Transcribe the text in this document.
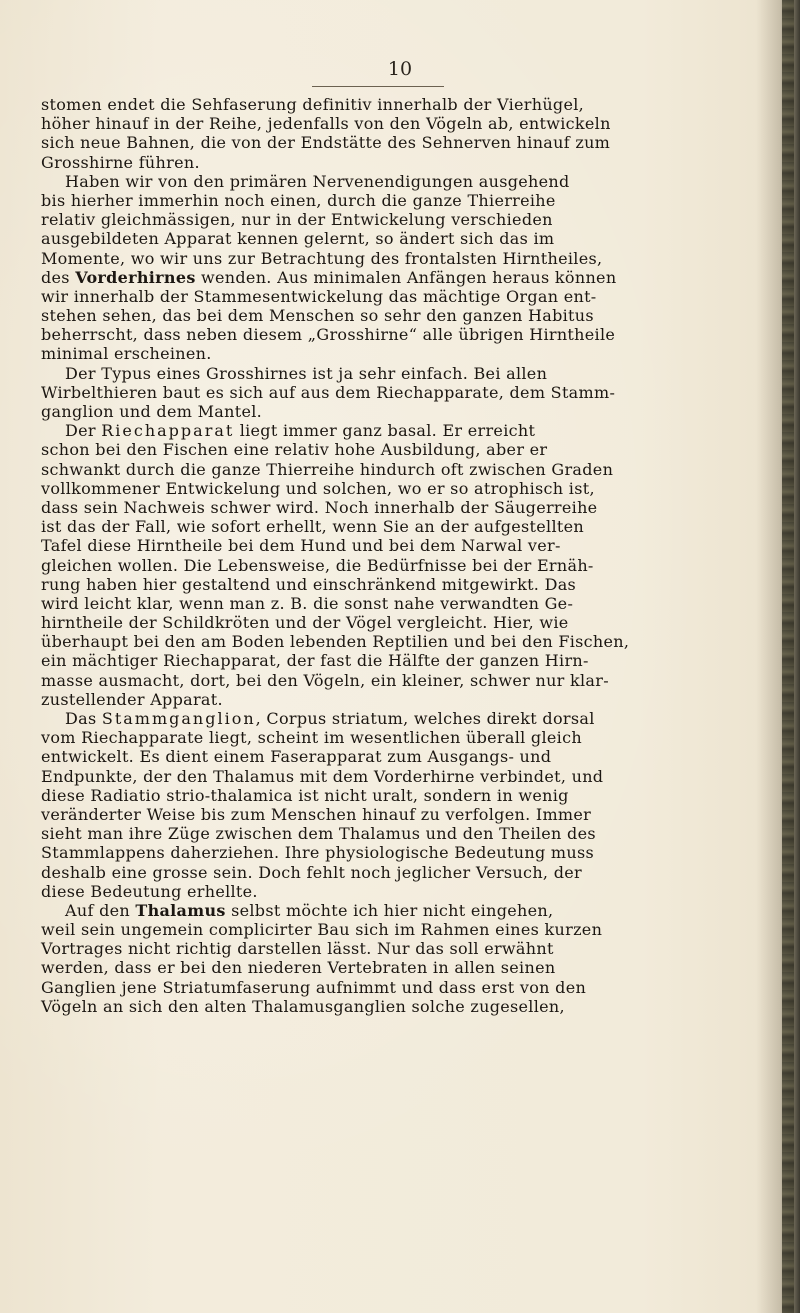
10
stomen endet die Sehfaserung definitiv innerhalb der Vierhügel,
höher hinauf in der Reihe, jedenfalls von den Vögeln ab, entwickeln
sich neue Bahnen, die von der Endstätte des Sehnerven hinauf zum
Grosshirne führen.
Haben wir von den primären Nervenendigungen ausgehend
bis hierher immerhin noch einen, durch die ganze Thierreihe
relativ gleichmässigen, nur in der Entwickelung verschieden
ausgebildeten Apparat kennen gelernt, so ändert sich das im
Momente, wo wir uns zur Betrachtung des frontalsten Hirntheiles,
des Vorderhirnes wenden. Aus minimalen Anfängen heraus können
wir innerhalb der Stammesentwickelung das mächtige Organ ent-
stehen sehen, das bei dem Menschen so sehr den ganzen Habitus
beherrscht, dass neben diesem „Grosshirne“ alle übrigen Hirntheile
minimal erscheinen.
Der Typus eines Grosshirnes ist ja sehr einfach. Bei allen
Wirbelthieren baut es sich auf aus dem Riechapparate, dem Stamm-
ganglion und dem Mantel.
Der Riechapparat liegt immer ganz basal. Er erreicht
schon bei den Fischen eine relativ hohe Ausbildung, aber er
schwankt durch die ganze Thierreihe hindurch oft zwischen Graden
vollkommener Entwickelung und solchen, wo er so atrophisch ist,
dass sein Nachweis schwer wird. Noch innerhalb der Säugerreihe
ist das der Fall, wie sofort erhellt, wenn Sie an der aufgestellten
Tafel diese Hirntheile bei dem Hund und bei dem Narwal ver-
gleichen wollen. Die Lebensweise, die Bedürfnisse bei der Ernäh-
rung haben hier gestaltend und einschränkend mitgewirkt. Das
wird leicht klar, wenn man z. B. die sonst nahe verwandten Ge-
hirntheile der Schildkröten und der Vögel vergleicht. Hier, wie
überhaupt bei den am Boden lebenden Reptilien und bei den Fischen,
ein mächtiger Riechapparat, der fast die Hälfte der ganzen Hirn-
masse ausmacht, dort, bei den Vögeln, ein kleiner, schwer nur klar-
zustellender Apparat.
Das Stammganglion, Corpus striatum, welches direkt dorsal
vom Riechapparate liegt, scheint im wesentlichen überall gleich
entwickelt. Es dient einem Faserapparat zum Ausgangs- und
Endpunkte, der den Thalamus mit dem Vorderhirne verbindet, und
diese Radiatio strio-thalamica ist nicht uralt, sondern in wenig
veränderter Weise bis zum Menschen hinauf zu verfolgen. Immer
sieht man ihre Züge zwischen dem Thalamus und den Theilen des
Stammlappens daherziehen. Ihre physiologische Bedeutung muss
deshalb eine grosse sein. Doch fehlt noch jeglicher Versuch, der
diese Bedeutung erhellte.
Auf den Thalamus selbst möchte ich hier nicht eingehen,
weil sein ungemein complicirter Bau sich im Rahmen eines kurzen
Vortrages nicht richtig darstellen lässt. Nur das soll erwähnt
werden, dass er bei den niederen Vertebraten in allen seinen
Ganglien jene Striatumfaserung aufnimmt und dass erst von den
Vögeln an sich den alten Thalamusganglien solche zugesellen,
